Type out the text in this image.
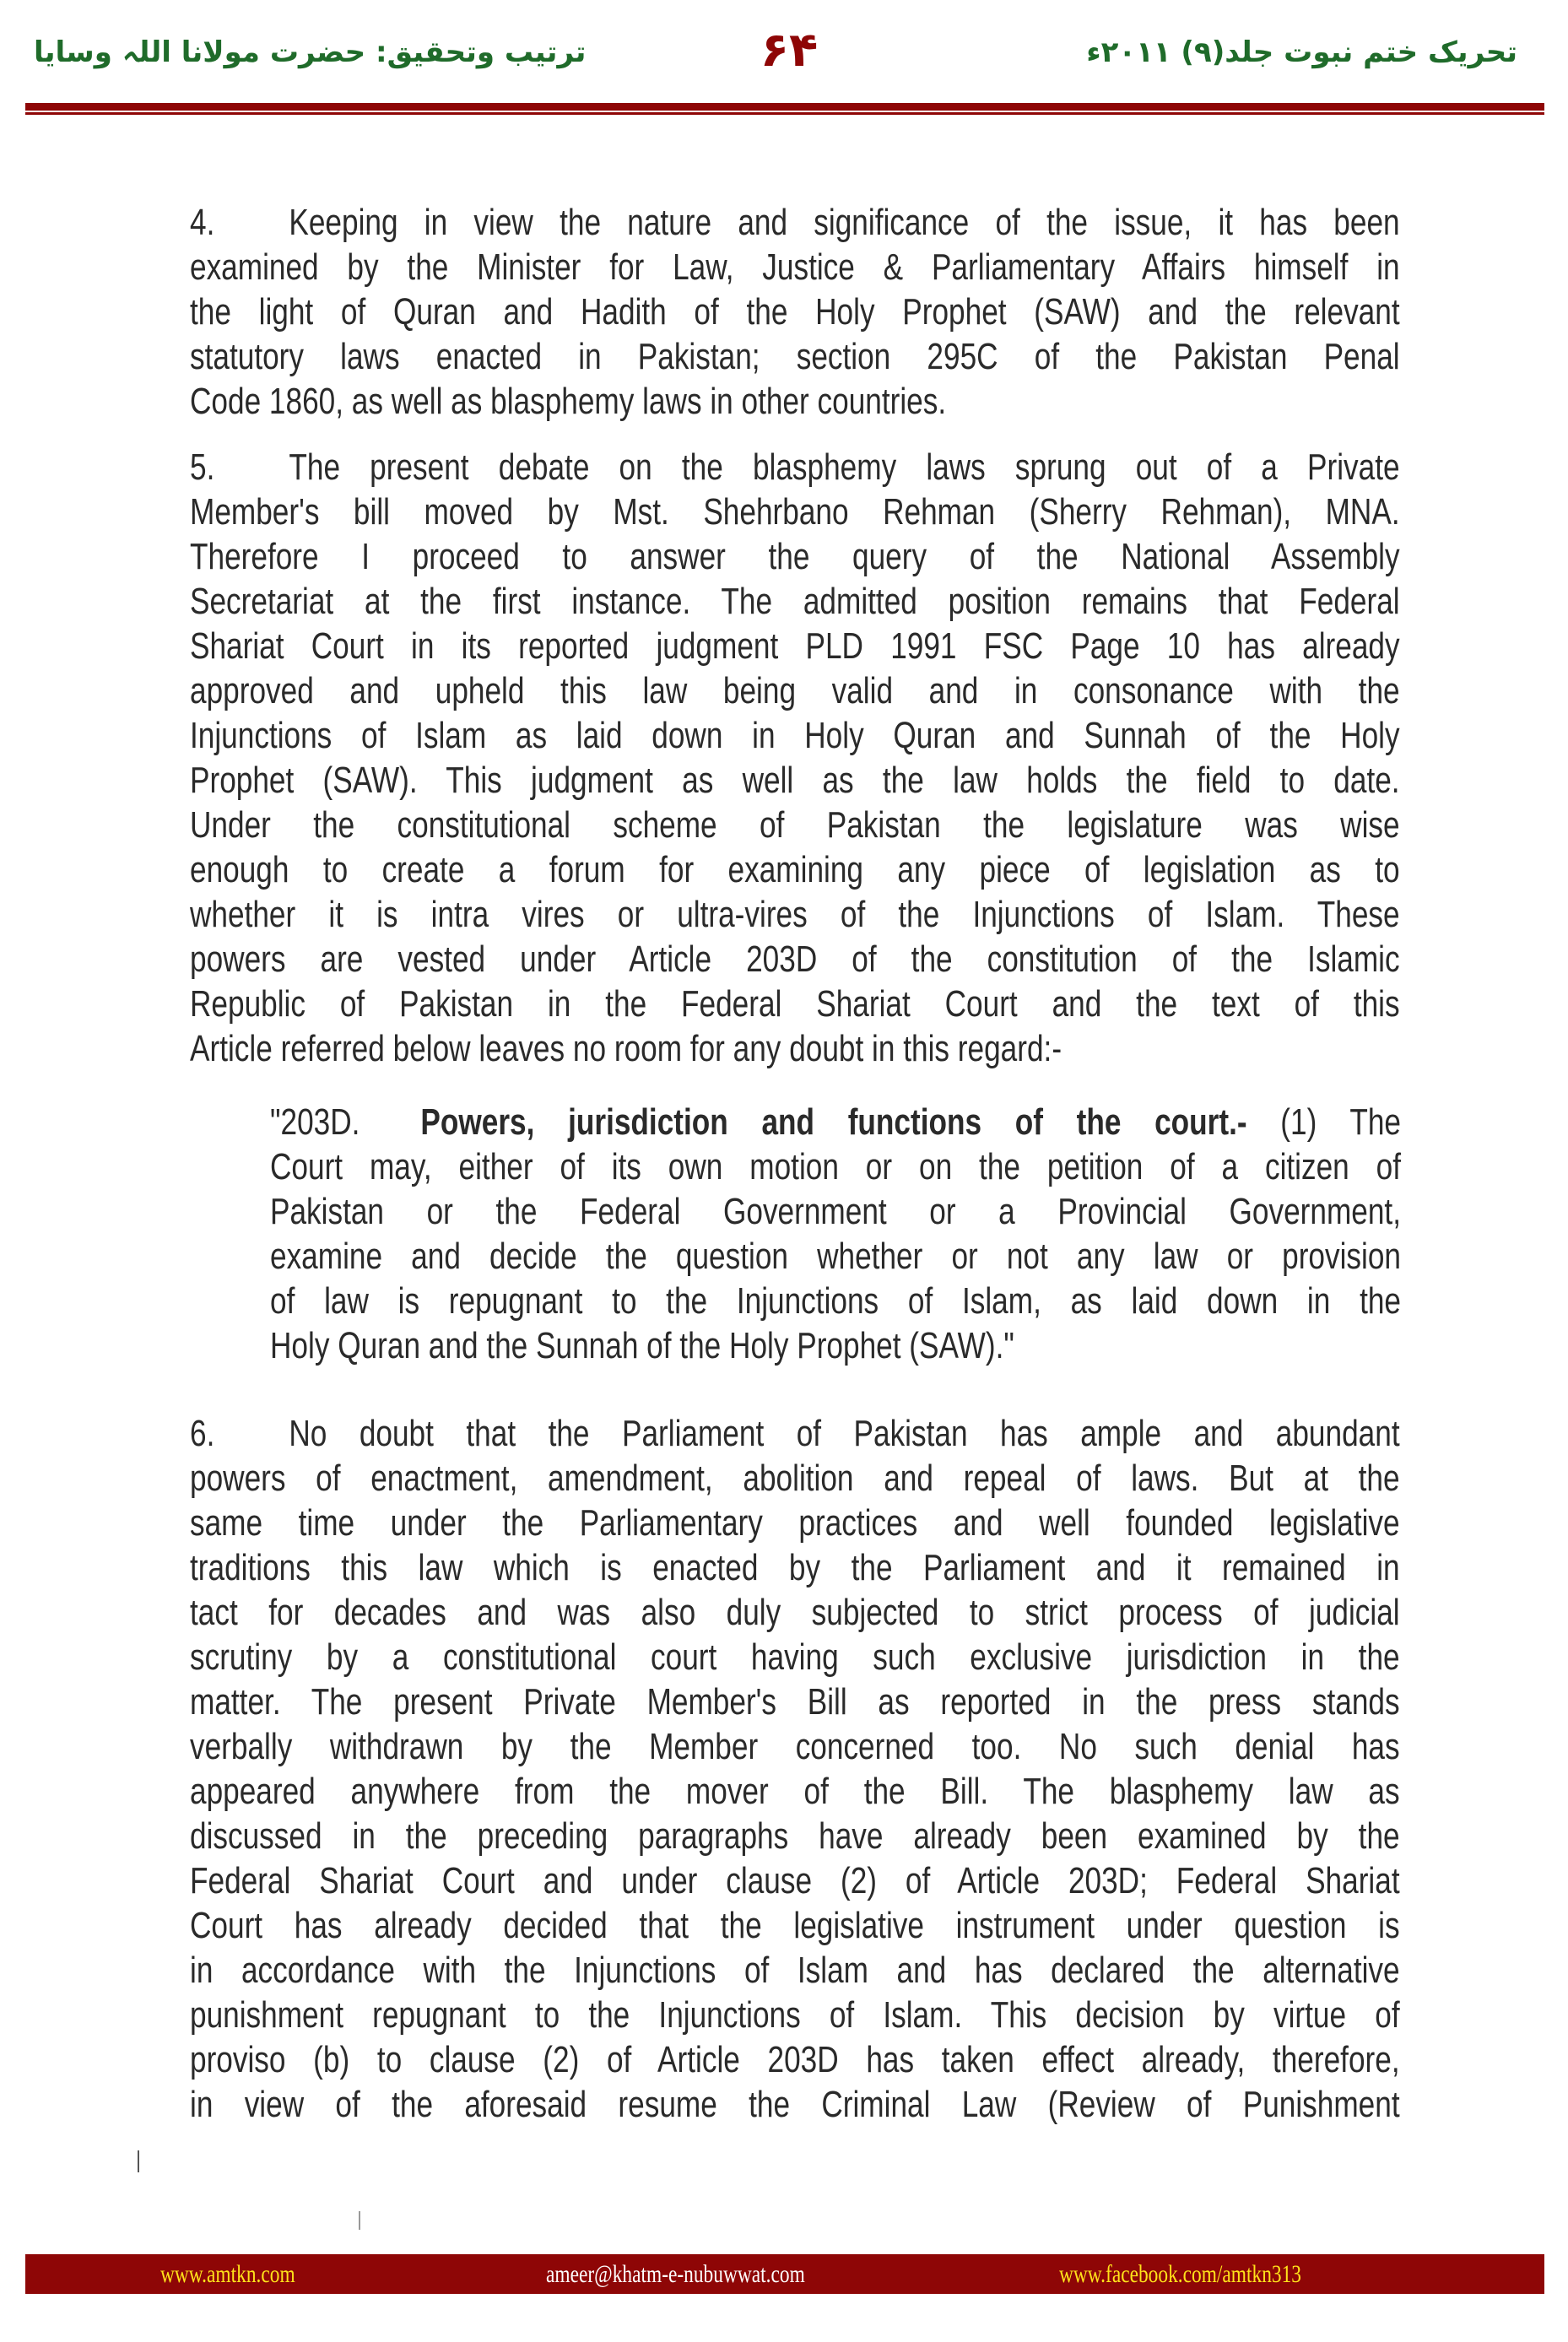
ترتیب وتحقیق: حضرت مولانا اللہ وسایا	۶۴	تحریک ختم نبوت جلد(۹) ۲۰۱۱ء
4. Keeping in view the nature and significance of the issue, it has been
examined by the Minister for Law, Justice & Parliamentary Affairs himself in
the light of Quran and Hadith of the Holy Prophet (SAW) and the relevant
statutory laws enacted in Pakistan; section 295C of the Pakistan Penal
Code 1860, as well as blasphemy laws in other countries.
5. The present debate on the blasphemy laws sprung out of a Private
Member's bill moved by Mst. Shehrbano Rehman (Sherry Rehman), MNA.
Therefore I proceed to answer the query of the National Assembly
Secretariat at the first instance. The admitted position remains that Federal
Shariat Court in its reported judgment PLD 1991 FSC Page 10 has already
approved and upheld this law being valid and in consonance with the
Injunctions of Islam as laid down in Holy Quran and Sunnah of the Holy
Prophet (SAW). This judgment as well as the law holds the field to date.
Under the constitutional scheme of Pakistan the legislature was wise
enough to create a forum for examining any piece of legislation as to
whether it is intra vires or ultra-vires of the Injunctions of Islam. These
powers are vested under Article 203D of the constitution of the Islamic
Republic of Pakistan in the Federal Shariat Court and the text of this
Article referred below leaves no room for any doubt in this regard:-
"203D. Powers, jurisdiction and functions of the court.- (1) The
Court may, either of its own motion or on the petition of a citizen of
Pakistan or the Federal Government or a Provincial Government,
examine and decide the question whether or not any law or provision
of law is repugnant to the Injunctions of Islam, as laid down in the
Holy Quran and the Sunnah of the Holy Prophet (SAW)."
6. No doubt that the Parliament of Pakistan has ample and abundant
powers of enactment, amendment, abolition and repeal of laws. But at the
same time under the Parliamentary practices and well founded legislative
traditions this law which is enacted by the Parliament and it remained in
tact for decades and was also duly subjected to strict process of judicial
scrutiny by a constitutional court having such exclusive jurisdiction in the
matter. The present Private Member's Bill as reported in the press stands
verbally withdrawn by the Member concerned too. No such denial has
appeared anywhere from the mover of the Bill. The blasphemy law as
discussed in the preceding paragraphs have already been examined by the
Federal Shariat Court and under clause (2) of Article 203D; Federal Shariat
Court has already decided that the legislative instrument under question is
in accordance with the Injunctions of Islam and has declared the alternative
punishment repugnant to the Injunctions of Islam. This decision by virtue of
proviso (b) to clause (2) of Article 203D has taken effect already, therefore,
in view of the aforesaid resume the Criminal Law (Review of Punishment
www.amtkn.com	ameer@khatm-e-nubuwwat.com	www.facebook.com/amtkn313
